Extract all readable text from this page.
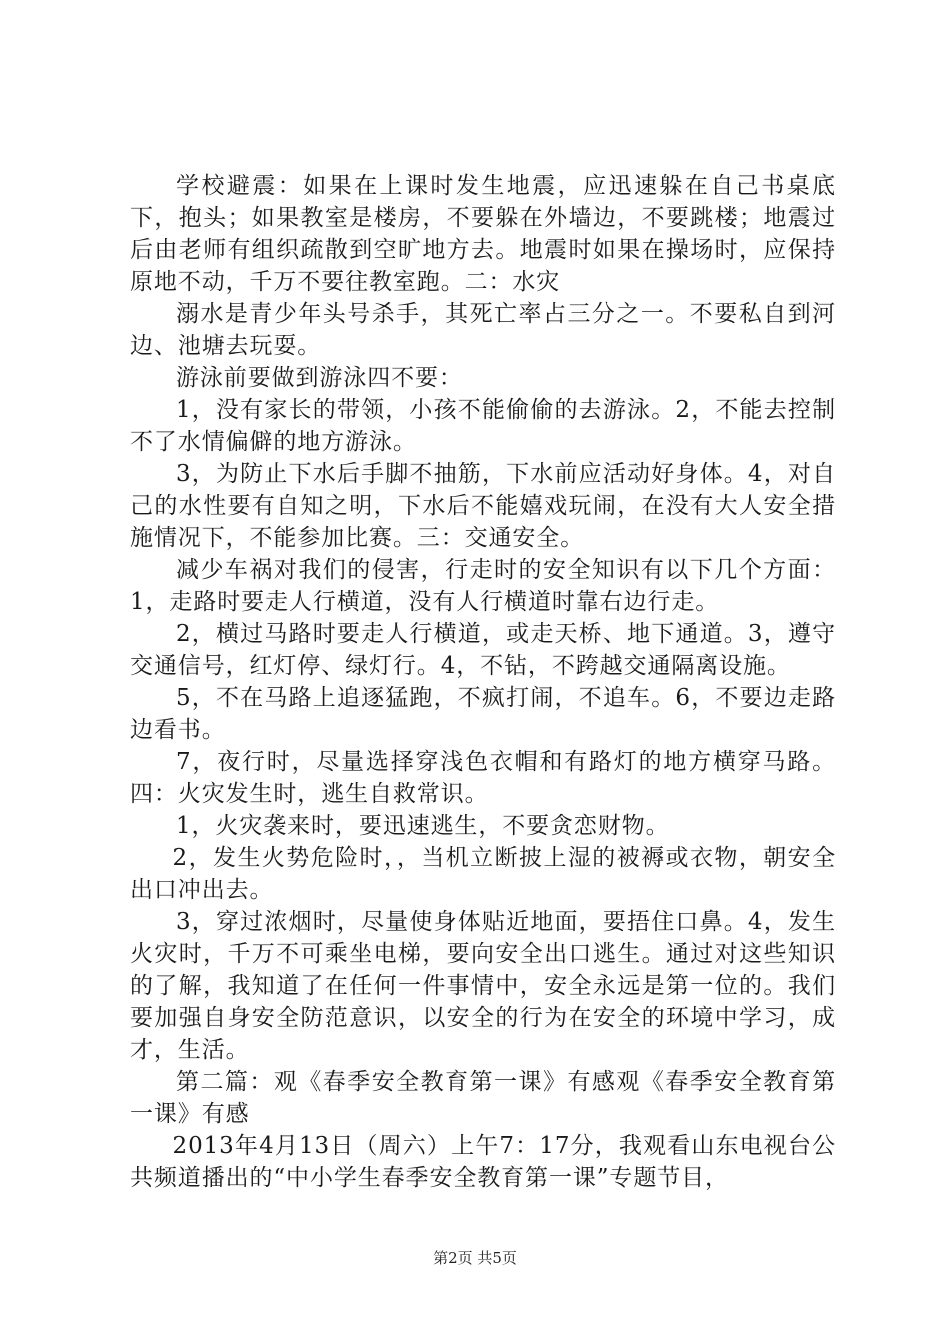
学校避震：如果在上课时发生地震，应迅速躲在自己书桌底下，抱头；如果教室是楼房，不要躲在外墙边，不要跳楼；地震过后由老师有组织疏散到空旷地方去。地震时如果在操场时，应保持原地不动，千万不要往教室跑。二：水灾

溺水是青少年头号杀手，其死亡率占三分之一。不要私自到河边、池塘去玩耍。

游泳前要做到游泳四不要：

1，没有家长的带领，小孩不能偷偷的去游泳。2，不能去控制不了水情偏僻的地方游泳。

3，为防止下水后手脚不抽筋，下水前应活动好身体。4，对自己的水性要有自知之明，下水后不能嬉戏玩闹，在没有大人安全措施情况下，不能参加比赛。三：交通安全。

减少车祸对我们的侵害，行走时的安全知识有以下几个方面：1，走路时要走人行横道，没有人行横道时靠右边行走。

2，横过马路时要走人行横道，或走天桥、地下通道。3，遵守交通信号，红灯停、绿灯行。4，不钻，不跨越交通隔离设施。

5，不在马路上追逐猛跑，不疯打闹，不追车。6，不要边走路边看书。

7，夜行时，尽量选择穿浅色衣帽和有路灯的地方横穿马路。四：火灾发生时，逃生自救常识。

1，火灾袭来时，要迅速逃生，不要贪恋财物。

2，发生火势危险时，，当机立断披上湿的被褥或衣物，朝安全出口冲出去。

3，穿过浓烟时，尽量使身体贴近地面，要捂住口鼻。4，发生火灾时，千万不可乘坐电梯，要向安全出口逃生。通过对这些知识的了解，我知道了在任何一件事情中，安全永远是第一位的。我们要加强自身安全防范意识，以安全的行为在安全的环境中学习，成才，生活。

第二篇：观《春季安全教育第一课》有感观《春季安全教育第一课》有感

2013年4月13日（周六）上午7：17分，我观看山东电视台公共频道播出的“中小学生春季安全教育第一课”专题节目，

第2页 共5页
